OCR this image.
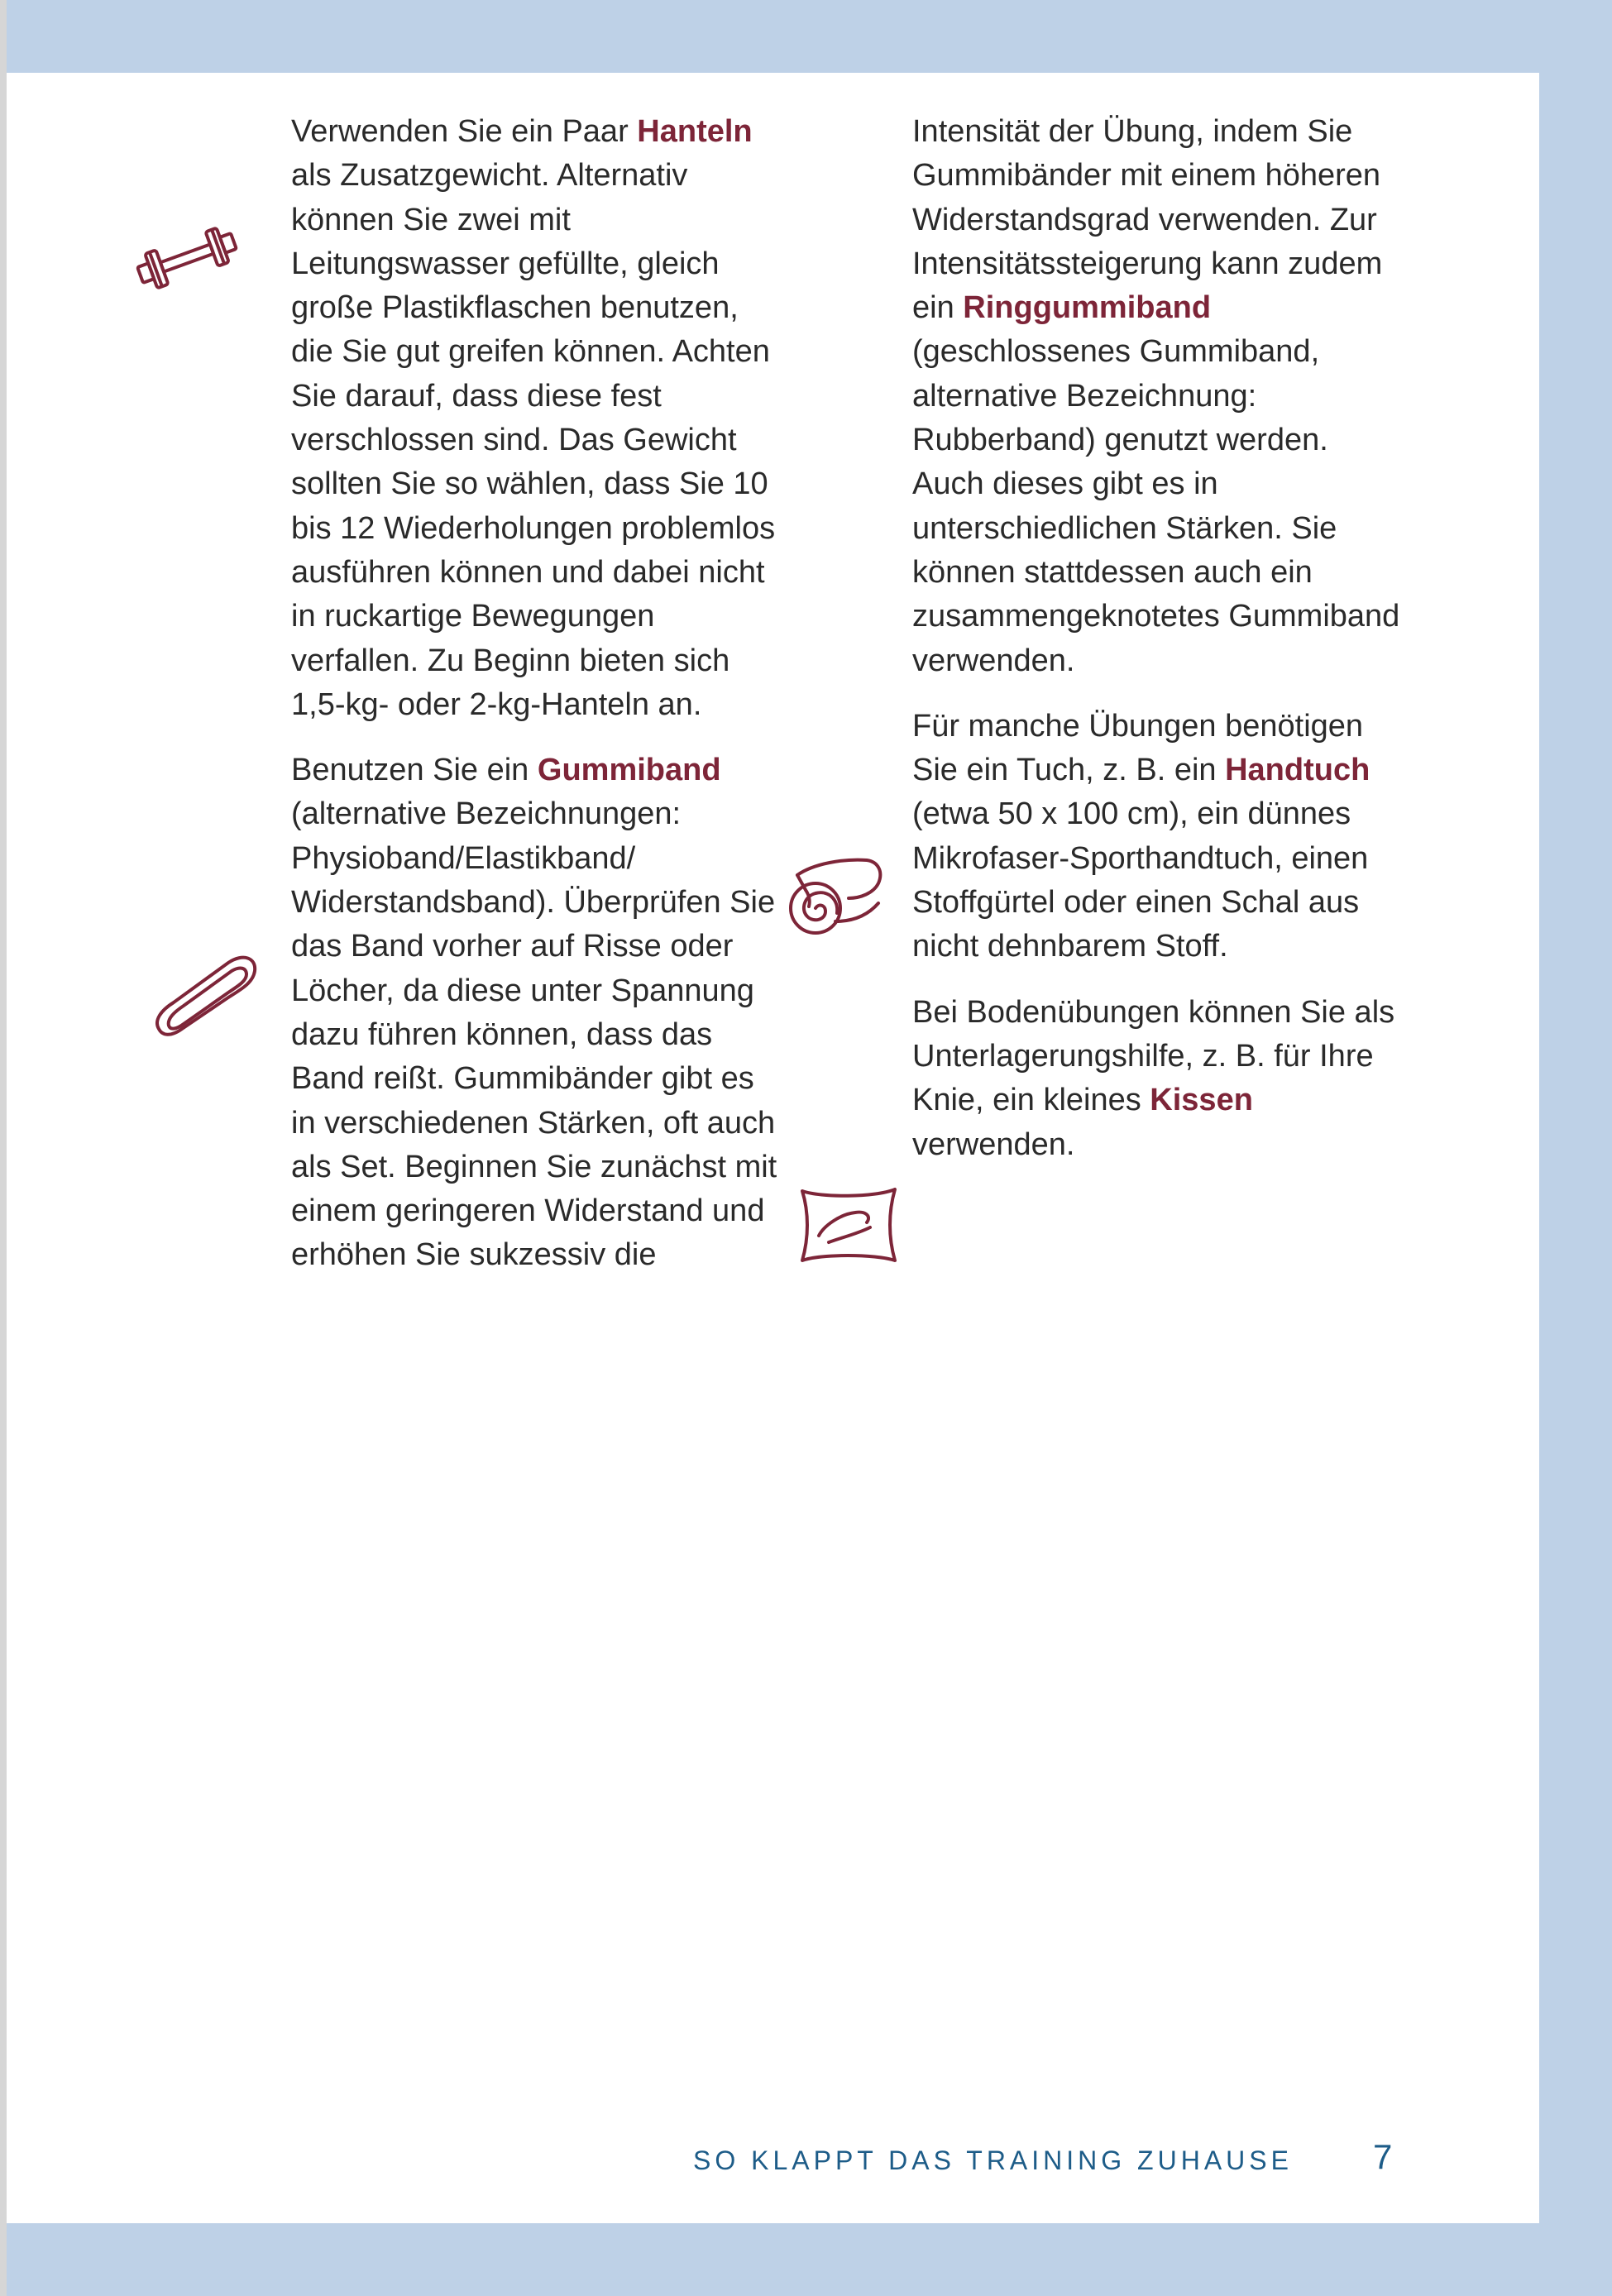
Verwenden Sie ein Paar Hanteln als Zusatzgewicht. Alternativ können Sie zwei mit Leitungswasser gefüllte, gleich große Plastikflaschen benutzen, die Sie gut greifen können. Achten Sie darauf, dass diese fest verschlossen sind. Das Gewicht sollten Sie so wählen, dass Sie 10 bis 12 Wiederholungen problemlos ausführen können und dabei nicht in ruckartige Bewegungen verfallen. Zu Beginn bieten sich 1,5-kg- oder 2-kg-Hanteln an.

Benutzen Sie ein Gummiband (alternative Bezeichnungen: Physioband/Elastikband/ Widerstandsband). Überprüfen Sie das Band vorher auf Risse oder Löcher, da diese unter Spannung dazu führen können, dass das Band reißt. Gummibänder gibt es in verschiedenen Stärken, oft auch als Set. Beginnen Sie zunächst mit einem geringeren Widerstand und erhöhen Sie sukzessiv die

Intensität der Übung, indem Sie Gummibänder mit einem höheren Widerstandsgrad verwenden. Zur Intensitätssteigerung kann zudem ein Ringgummiband (geschlossenes Gummiband, alternative Bezeichnung: Rubberband) genutzt werden. Auch dieses gibt es in unterschiedlichen Stärken. Sie können stattdessen auch ein zusammengeknotetes Gummiband verwenden.

Für manche Übungen benötigen Sie ein Tuch, z. B. ein Handtuch (etwa 50 x 100 cm), ein dünnes Mikrofaser-Sporthandtuch, einen Stoffgürtel oder einen Schal aus nicht dehnbarem Stoff.

Bei Bodenübungen können Sie als Unterlagerungshilfe, z. B. für Ihre Knie, ein kleines Kissen verwenden.

SO KLAPPT DAS TRAINING ZUHAUSE 7
